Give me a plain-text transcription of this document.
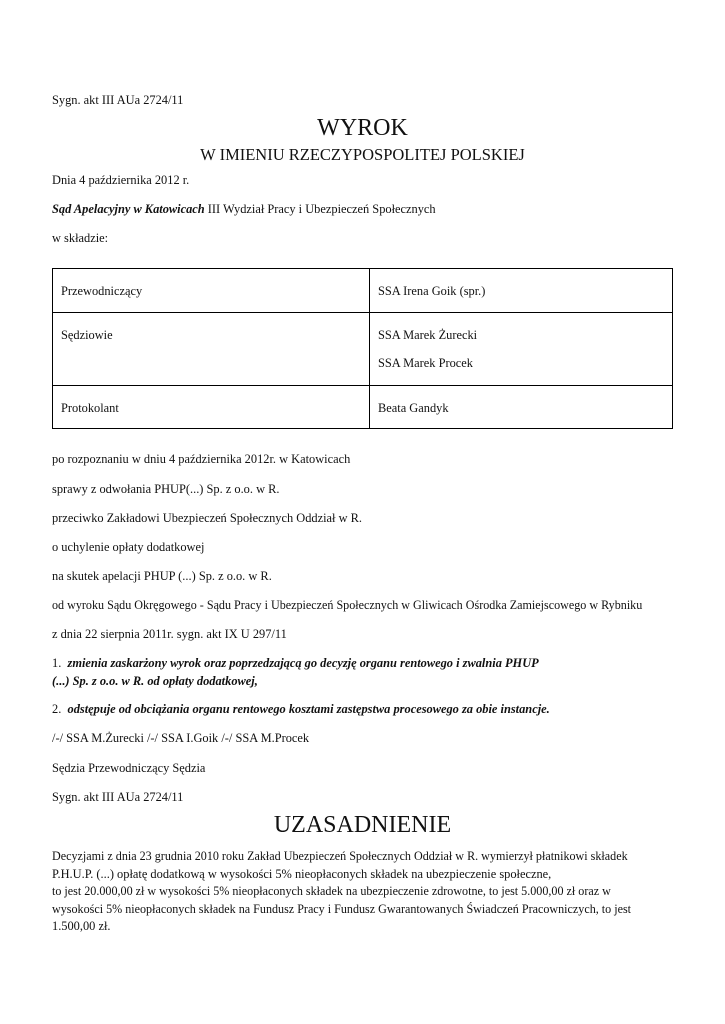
Sygn. akt III AUa 2724/11
WYROK
W IMIENIU RZECZYPOSPOLITEJ POLSKIEJ
Dnia 4 października 2012 r.
Sąd Apelacyjny w Katowicach III Wydział Pracy i Ubezpieczeń Społecznych
w składzie:
Przewodniczący	SSA Irena Goik (spr.)
Sędziowie	SSA Marek Żurecki
SSA Marek Procek

Protokolant	Beata Gandyk
po rozpoznaniu w dniu 4 października 2012r. w Katowicach
sprawy z odwołania PHUP(...) Sp. z o.o. w R.
przeciwko Zakładowi Ubezpieczeń Społecznych Oddział w R.
o uchylenie opłaty dodatkowej
na skutek apelacji PHUP (...) Sp. z o.o. w R.
od wyroku Sądu Okręgowego - Sądu Pracy i Ubezpieczeń Społecznych w Gliwicach Ośrodka Zamiejscowego w Rybniku
z dnia 22 sierpnia 2011r. sygn. akt IX U 297/11
1. zmienia zaskarżony wyrok oraz poprzedzającą go decyzję organu rentowego i zwalnia PHUP
(...) Sp. z o.o. w R. od opłaty dodatkowej,
2. odstępuje od obciążania organu rentowego kosztami zastępstwa procesowego za obie instancje.
/-/ SSA M.Żurecki /-/ SSA I.Goik /-/ SSA M.Procek
Sędzia Przewodniczący Sędzia
Sygn. akt III AUa 2724/11
UZASADNIENIE
Decyzjami z dnia 23 grudnia 2010 roku Zakład Ubezpieczeń Społecznych Oddział w R. wymierzył płatnikowi składek
P.H.U.P. (...) opłatę dodatkową w wysokości 5% nieopłaconych składek na ubezpieczenie społeczne,
to jest 20.000,00 zł w wysokości 5% nieopłaconych składek na ubezpieczenie zdrowotne, to jest 5.000,00 zł oraz w
wysokości 5% nieopłaconych składek na Fundusz Pracy i Fundusz Gwarantowanych Świadczeń Pracowniczych, to jest
1.500,00 zł.
